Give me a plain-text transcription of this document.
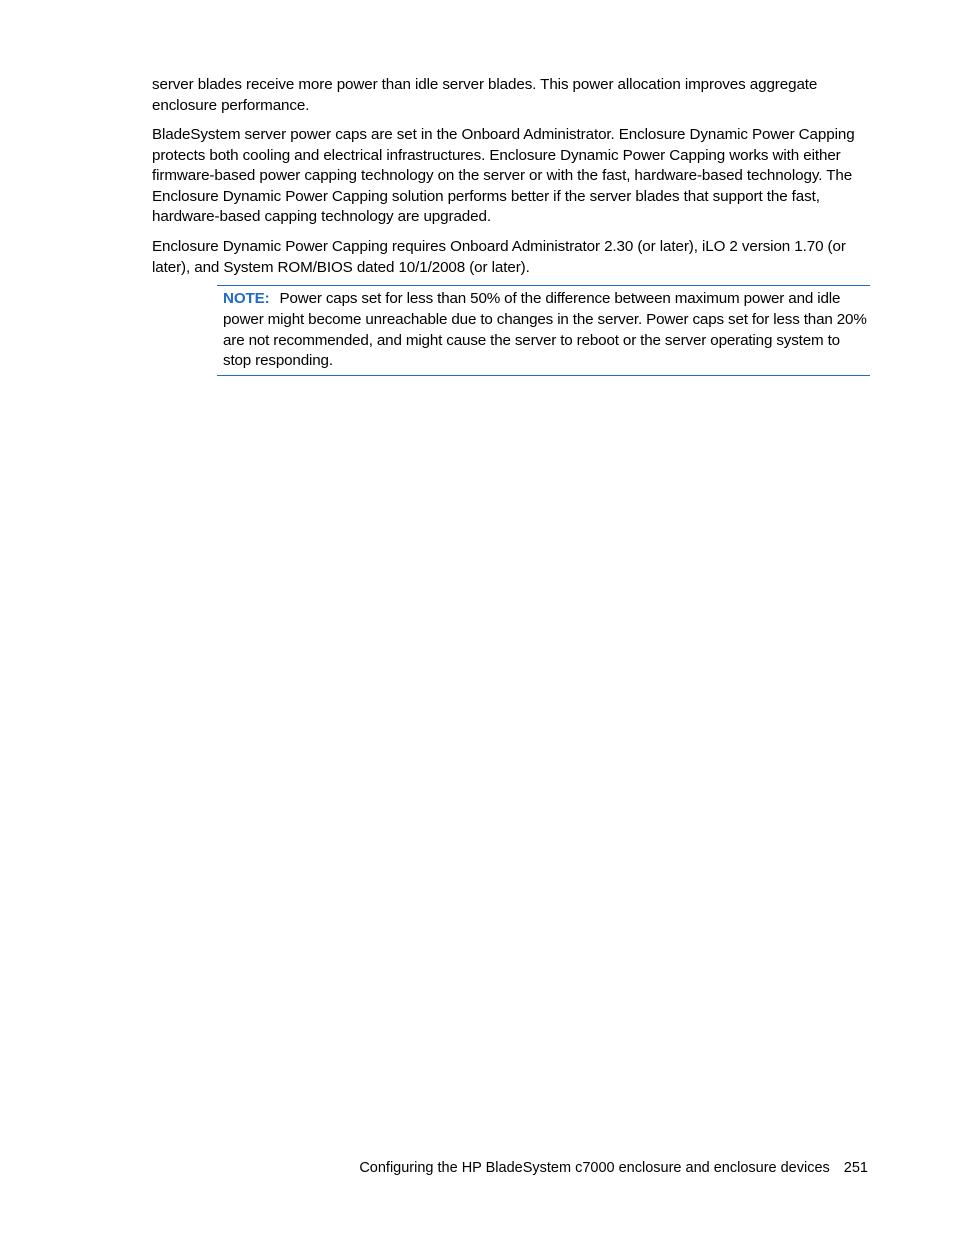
server blades receive more power than idle server blades. This power allocation improves aggregate enclosure performance.

BladeSystem server power caps are set in the Onboard Administrator. Enclosure Dynamic Power Capping protects both cooling and electrical infrastructures. Enclosure Dynamic Power Capping works with either firmware-based power capping technology on the server or with the fast, hardware-based technology. The Enclosure Dynamic Power Capping solution performs better if the server blades that support the fast, hardware-based capping technology are upgraded.

Enclosure Dynamic Power Capping requires Onboard Administrator 2.30 (or later), iLO 2 version 1.70 (or later), and System ROM/BIOS dated 10/1/2008 (or later).

NOTE: Power caps set for less than 50% of the difference between maximum power and idle power might become unreachable due to changes in the server. Power caps set for less than 20% are not recommended, and might cause the server to reboot or the server operating system to stop responding.

Configuring the HP BladeSystem c7000 enclosure and enclosure devices 251
